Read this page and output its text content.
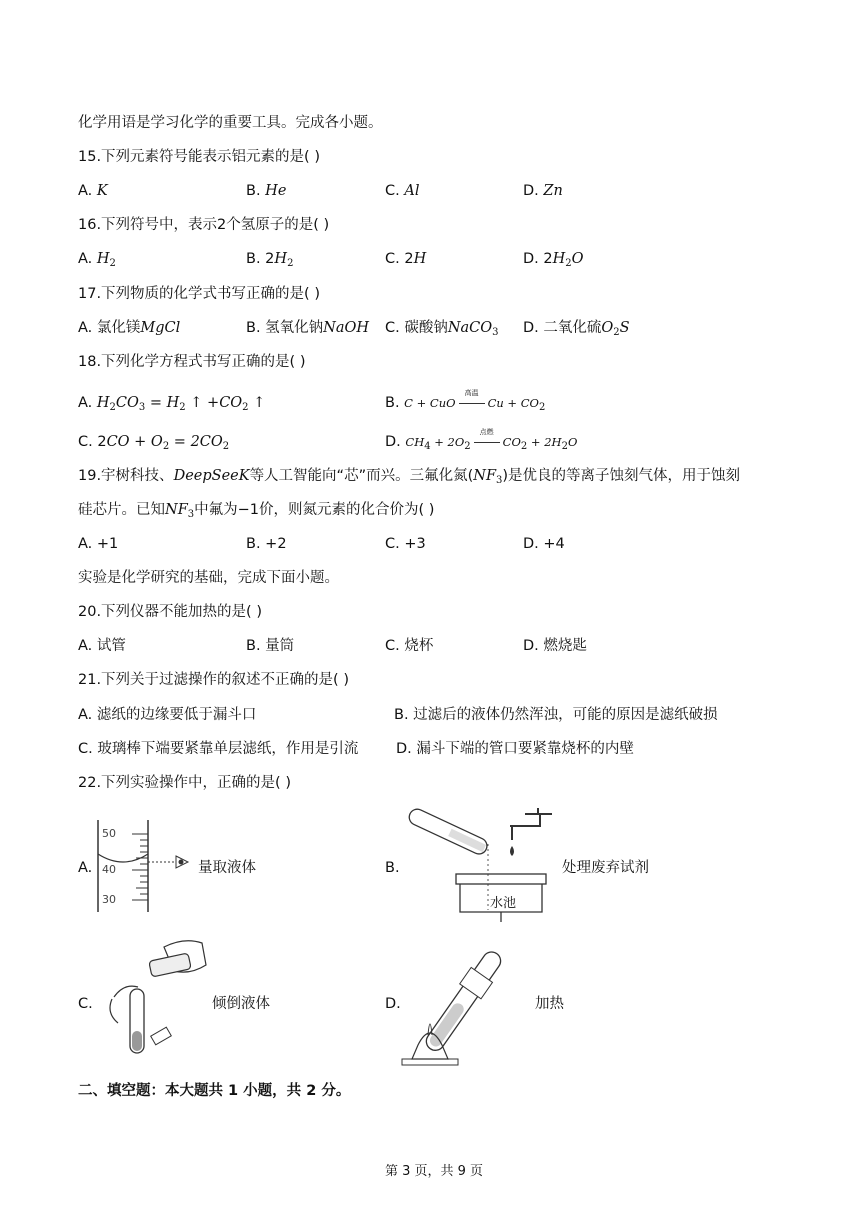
化学用语是学习化学的重要工具。完成各小题。
15.下列元素符号能表示铝元素的是( )
A. K	B. He	C. Al	D. Zn
16.下列符号中，表示2个氢原子的是( )
A. $H_2$	B. $2H_2$	C. 2H	D. $2H_2O$
17.下列物质的化学式书写正确的是( )
A. 氯化镁MgCl	B. 氢氧化钠NaOH C. 碳酸钠NaCO$_3$ D. 二氧化硫$O_2S$
18.下列化学方程式书写正确的是( )
A. $H_2CO_3 = H_2$ ↑ $+CO_2$ ↑	B. C + CuO
高温
Cu + CO2
C. $2CO + O_2 = 2CO_2$	D. CH4 + 2O2
点燃
CO2 + 2H2O
19.宇树科技、DeepSeeK等人工智能向“芯”而兴。三氟化氮$(NF_3)$是优良的等离子蚀刻气体，用于蚀刻
硅芯片。已知$NF_3$中氟为−1价，则氮元素的化合价为( )
A. +1	B. +2	C. +3	D. +4
实验是化学研究的基础，完成下面小题。
20.下列仪器不能加热的是( )
A. 试管	B. 量筒	C. 烧杯	D. 燃烧匙
21.下列关于过滤操作的叙述不正确的是( )
A. 滤纸的边缘要低于漏斗口	B. 过滤后的液体仍然浑浊，可能的原因是滤纸破损
C. 玻璃棒下端要紧靠单层滤纸，作用是引流	D. 漏斗下端的管口要紧靠烧杯的内壁
22.下列实验操作中，正确的是( )
A.
50
40
30
量取液体	B.
水池
处理废弃试剂
C.	倾倒液体	D.	加热
二、填空题：本大题共 1 小题，共 2 分。
第 3 页，共 9 页
